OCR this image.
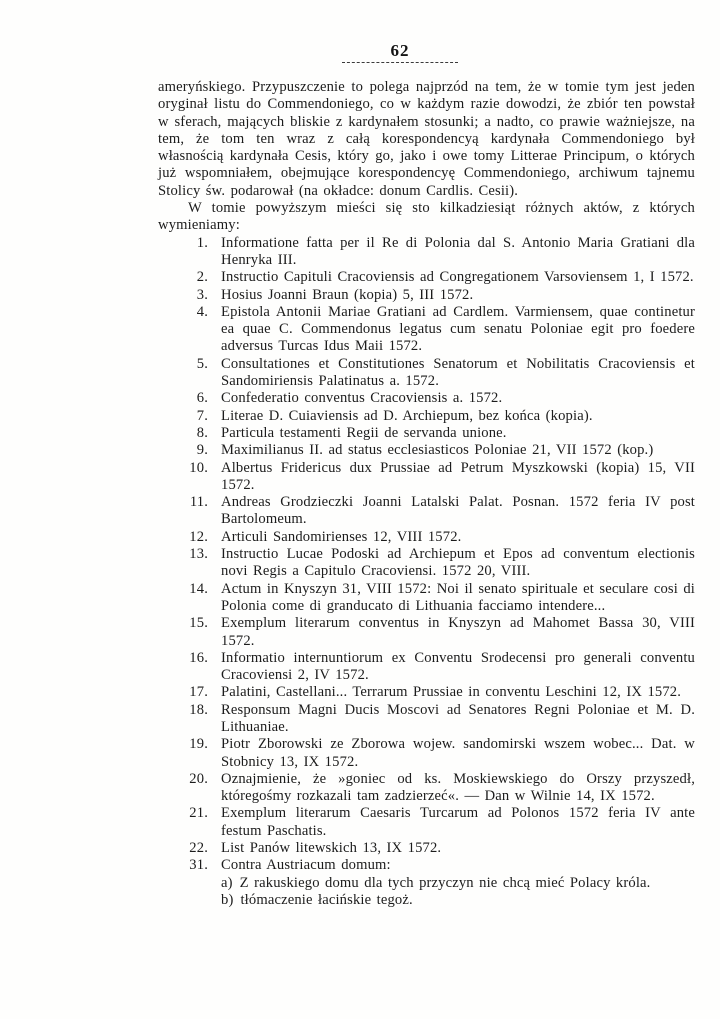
62

ameryńskiego. Przypuszczenie to polega najprzód na tem, że w tomie tym jest jeden oryginał listu do Commendoniego, co w każdym razie dowodzi, że zbiór ten powstał w sferach, mających bliskie z kardynałem stosunki; a nadto, co prawie ważniejsze, na tem, że tom ten wraz z całą korespondencyą kardynała Commendoniego był własnością kardynała Cesis, który go, jako i owe tomy Litterae Principum, o których już wspomniałem, obejmujące korespondencyę Commendoniego, archiwum tajnemu Stolicy św. podarował (na okładce: donum Cardlis. Cesii).

W tomie powyższym mieści się sto kilkadziesiąt różnych aktów, z których wymieniamy:

1. Informatione fatta per il Re di Polonia dal S. Antonio Maria Gratiani dla Henryka III.
2. Instructio Capituli Cracoviensis ad Congregationem Varsoviensem 1, I 1572.
3. Hosius Joanni Braun (kopia) 5, III 1572.
4. Epistola Antonii Mariae Gratiani ad Cardlem. Varmiensem, quae continetur ea quae C. Commendonus legatus cum senatu Poloniae egit pro foedere adversus Turcas Idus Maii 1572.
5. Consultationes et Constitutiones Senatorum et Nobilitatis Cracoviensis et Sandomiriensis Palatinatus a. 1572.
6. Confederatio conventus Cracoviensis a. 1572.
7. Literae D. Cuiaviensis ad D. Archiepum, bez końca (kopia).
8. Particula testamenti Regii de servanda unione.
9. Maximilianus II. ad status ecclesiasticos Poloniae 21, VII 1572 (kop.)
10. Albertus Fridericus dux Prussiae ad Petrum Myszkowski (kopia) 15, VII 1572.
11. Andreas Grodzieczki Joanni Latalski Palat. Posnan. 1572 feria IV post Bartolomeum.
12. Articuli Sandomirienses 12, VIII 1572.
13. Instructio Lucae Podoski ad Archiepum et Epos ad conventum electionis novi Regis a Capitulo Cracoviensi. 1572 20, VIII.
14. Actum in Knyszyn 31, VIII 1572: Noi il senato spirituale et seculare cosi di Polonia come di granducato di Lithuania facciamo intendere...
15. Exemplum literarum conventus in Knyszyn ad Mahomet Bassa 30, VIII 1572.
16. Informatio internuntiorum ex Conventu Srodecensi pro generali conventu Cracoviensi 2, IV 1572.
17. Palatini, Castellani... Terrarum Prussiae in conventu Leschini 12, IX 1572.
18. Responsum Magni Ducis Moscovi ad Senatores Regni Poloniae et M. D. Lithuaniae.
19. Piotr Zborowski ze Zborowa wojew. sandomirski wszem wobec... Dat. w Stobnicy 13, IX 1572.
20. Oznajmienie, że »goniec od ks. Moskiewskiego do Orszy przyszedł, któregośmy rozkazali tam zadzierzeć«. — Dan w Wilnie 14, IX 1572.
21. Exemplum literarum Caesaris Turcarum ad Polonos 1572 feria IV ante festum Paschatis.
22. List Panów litewskich 13, IX 1572.
31. Contra Austriacum domum:
a) Z rakuskiego domu dla tych przyczyn nie chcą mieć Polacy króla.
b) tłómaczenie łacińskie tegoż.
